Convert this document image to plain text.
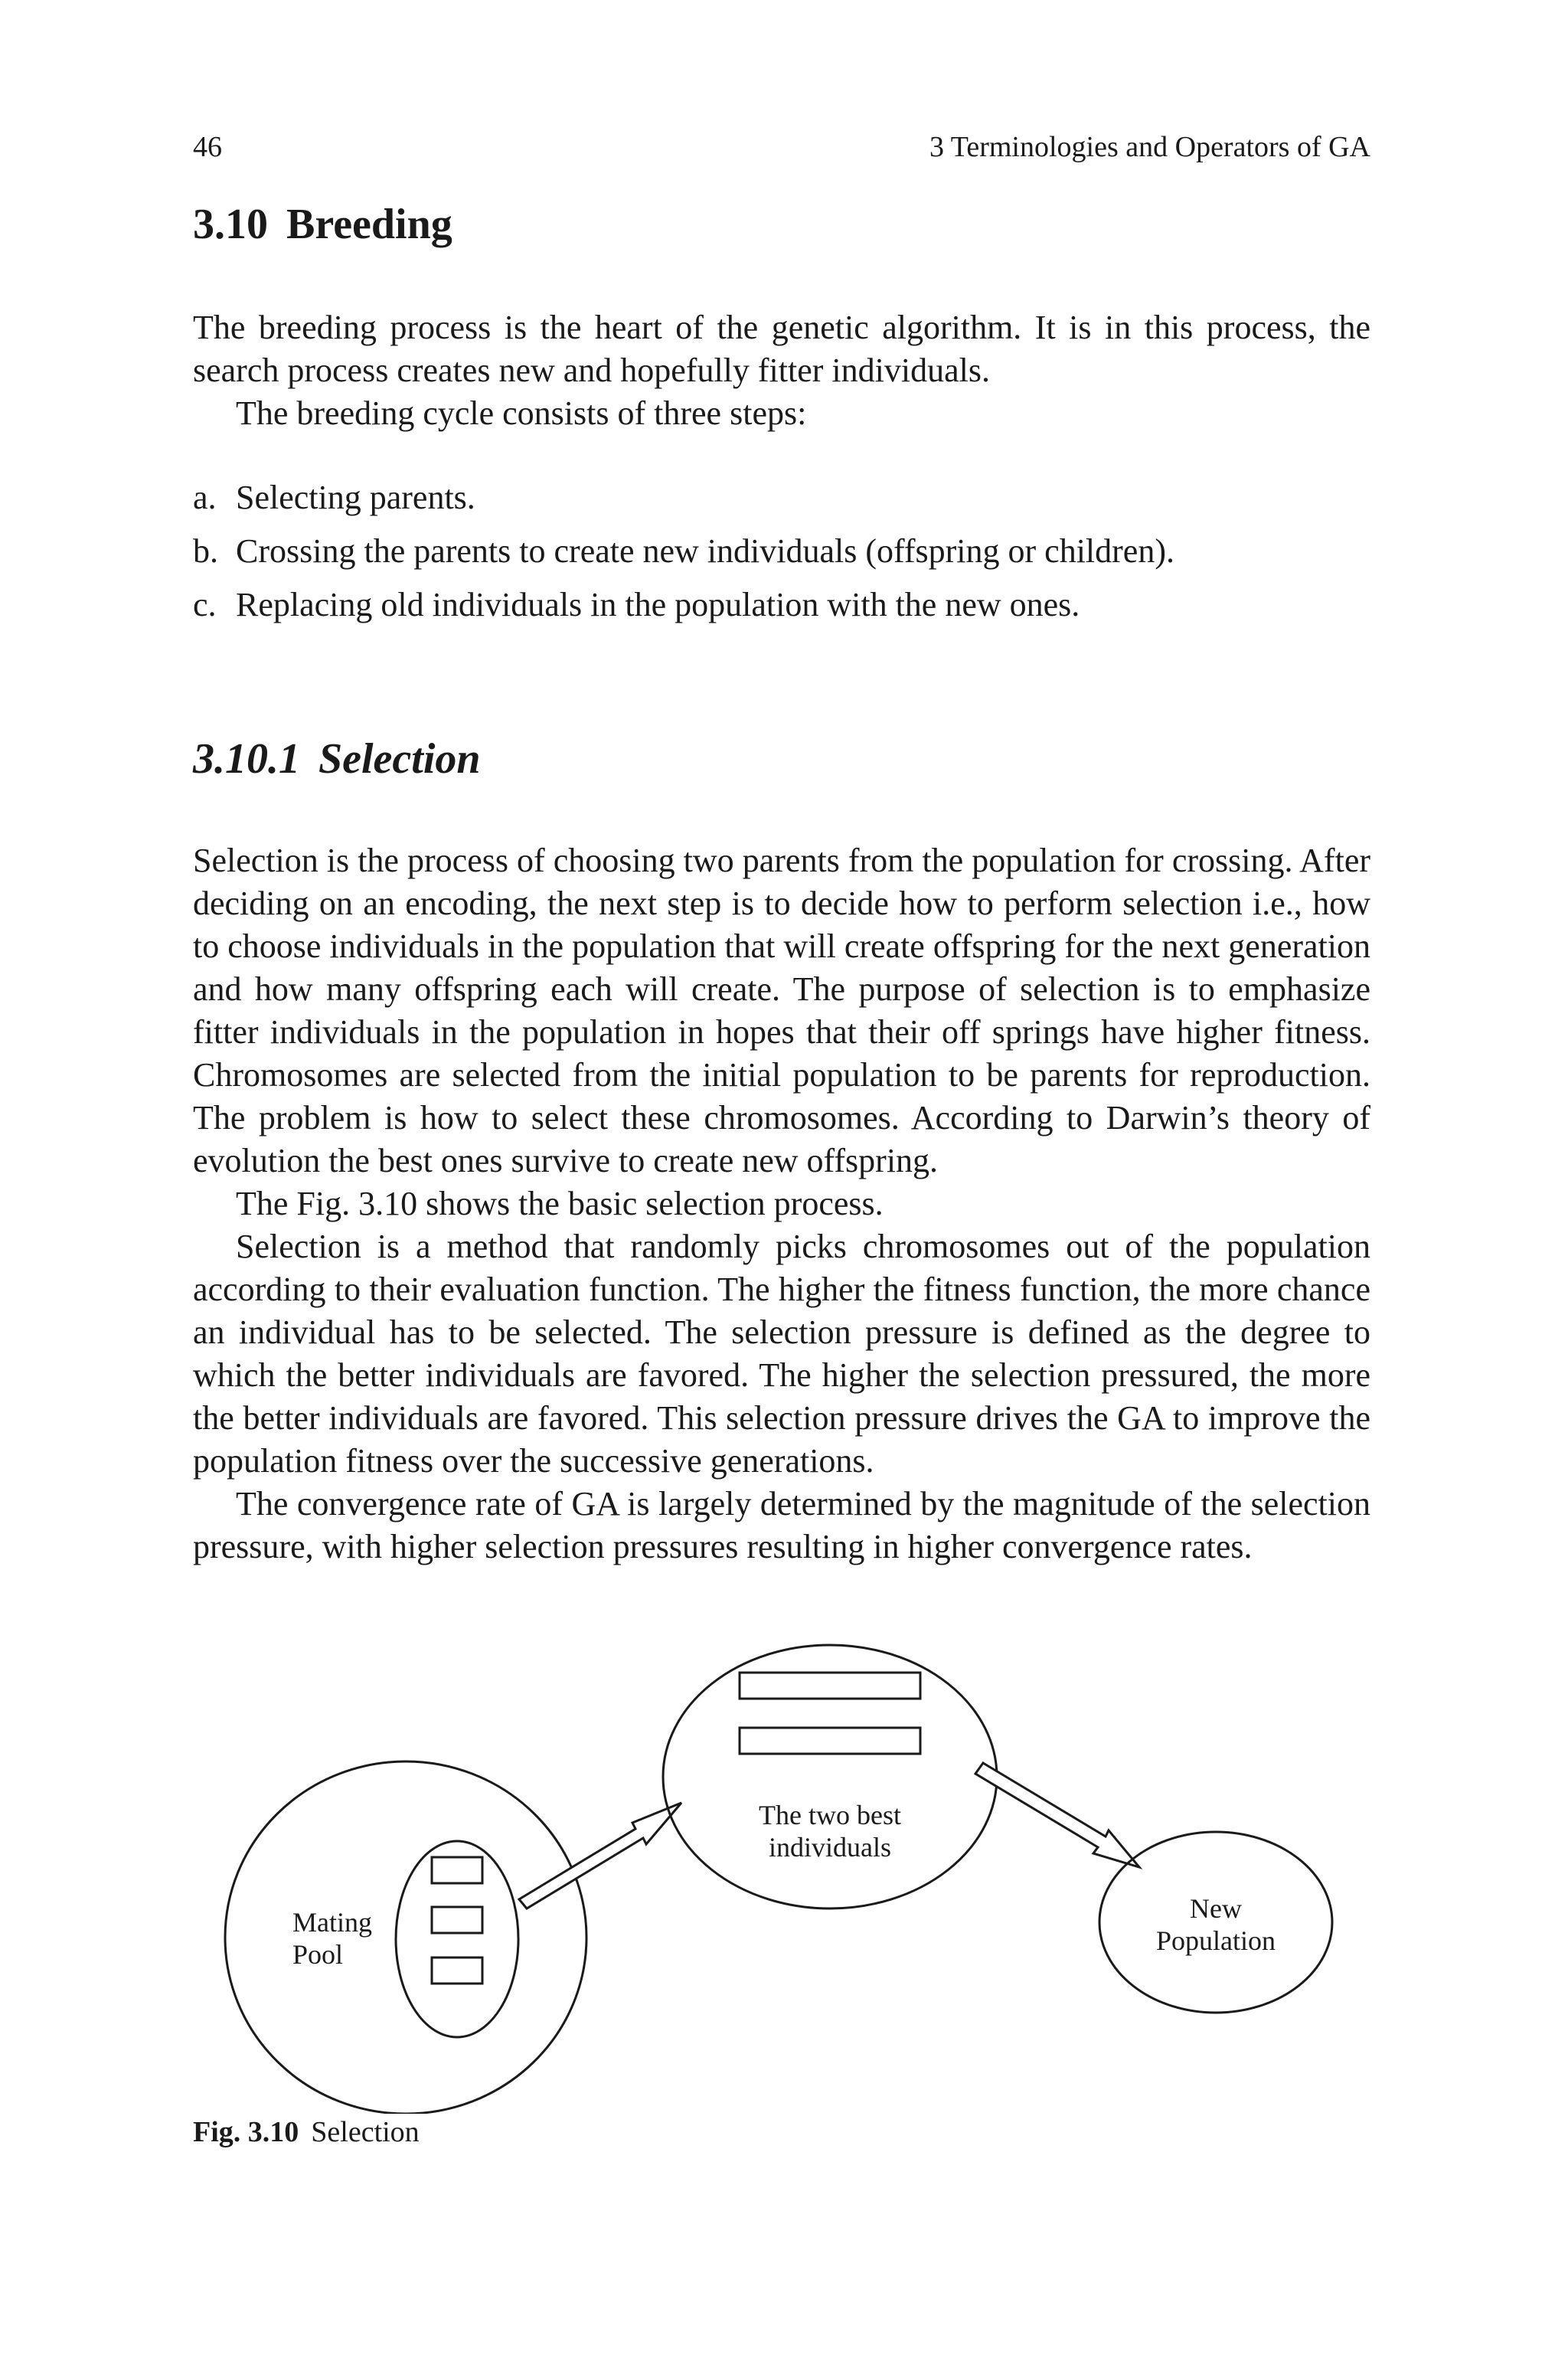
46	3 Terminologies and Operators of GA
3.10 Breeding

The breeding process is the heart of the genetic algorithm. It is in this process, the search process creates new and hopefully fitter individuals.

The breeding cycle consists of three steps:

a. Selecting parents.
b. Crossing the parents to create new individuals (offspring or children).
c. Replacing old individuals in the population with the new ones.
3.10.1 Selection

Selection is the process of choosing two parents from the population for crossing. After deciding on an encoding, the next step is to decide how to perform selection i.e., how to choose individuals in the population that will create offspring for the next generation and how many offspring each will create. The purpose of selection is to emphasize fitter individuals in the population in hopes that their off springs have higher fitness. Chromosomes are selected from the initial population to be parents for reproduction. The problem is how to select these chromosomes. According to Darwin’s theory of evolution the best ones survive to create new offspring.

The Fig. 3.10 shows the basic selection process.

Selection is a method that randomly picks chromosomes out of the population according to their evaluation function. The higher the fitness function, the more chance an individual has to be selected. The selection pressure is defined as the degree to which the better individuals are favored. The higher the selection pressured, the more the better individuals are favored. This selection pressure drives the GA to improve the population fitness over the successive generations.

The convergence rate of GA is largely determined by the magnitude of the selection pressure, with higher selection pressures resulting in higher convergence rates.

Mating
Pool
The two best
individuals
New
Population
Fig. 3.10 Selection
